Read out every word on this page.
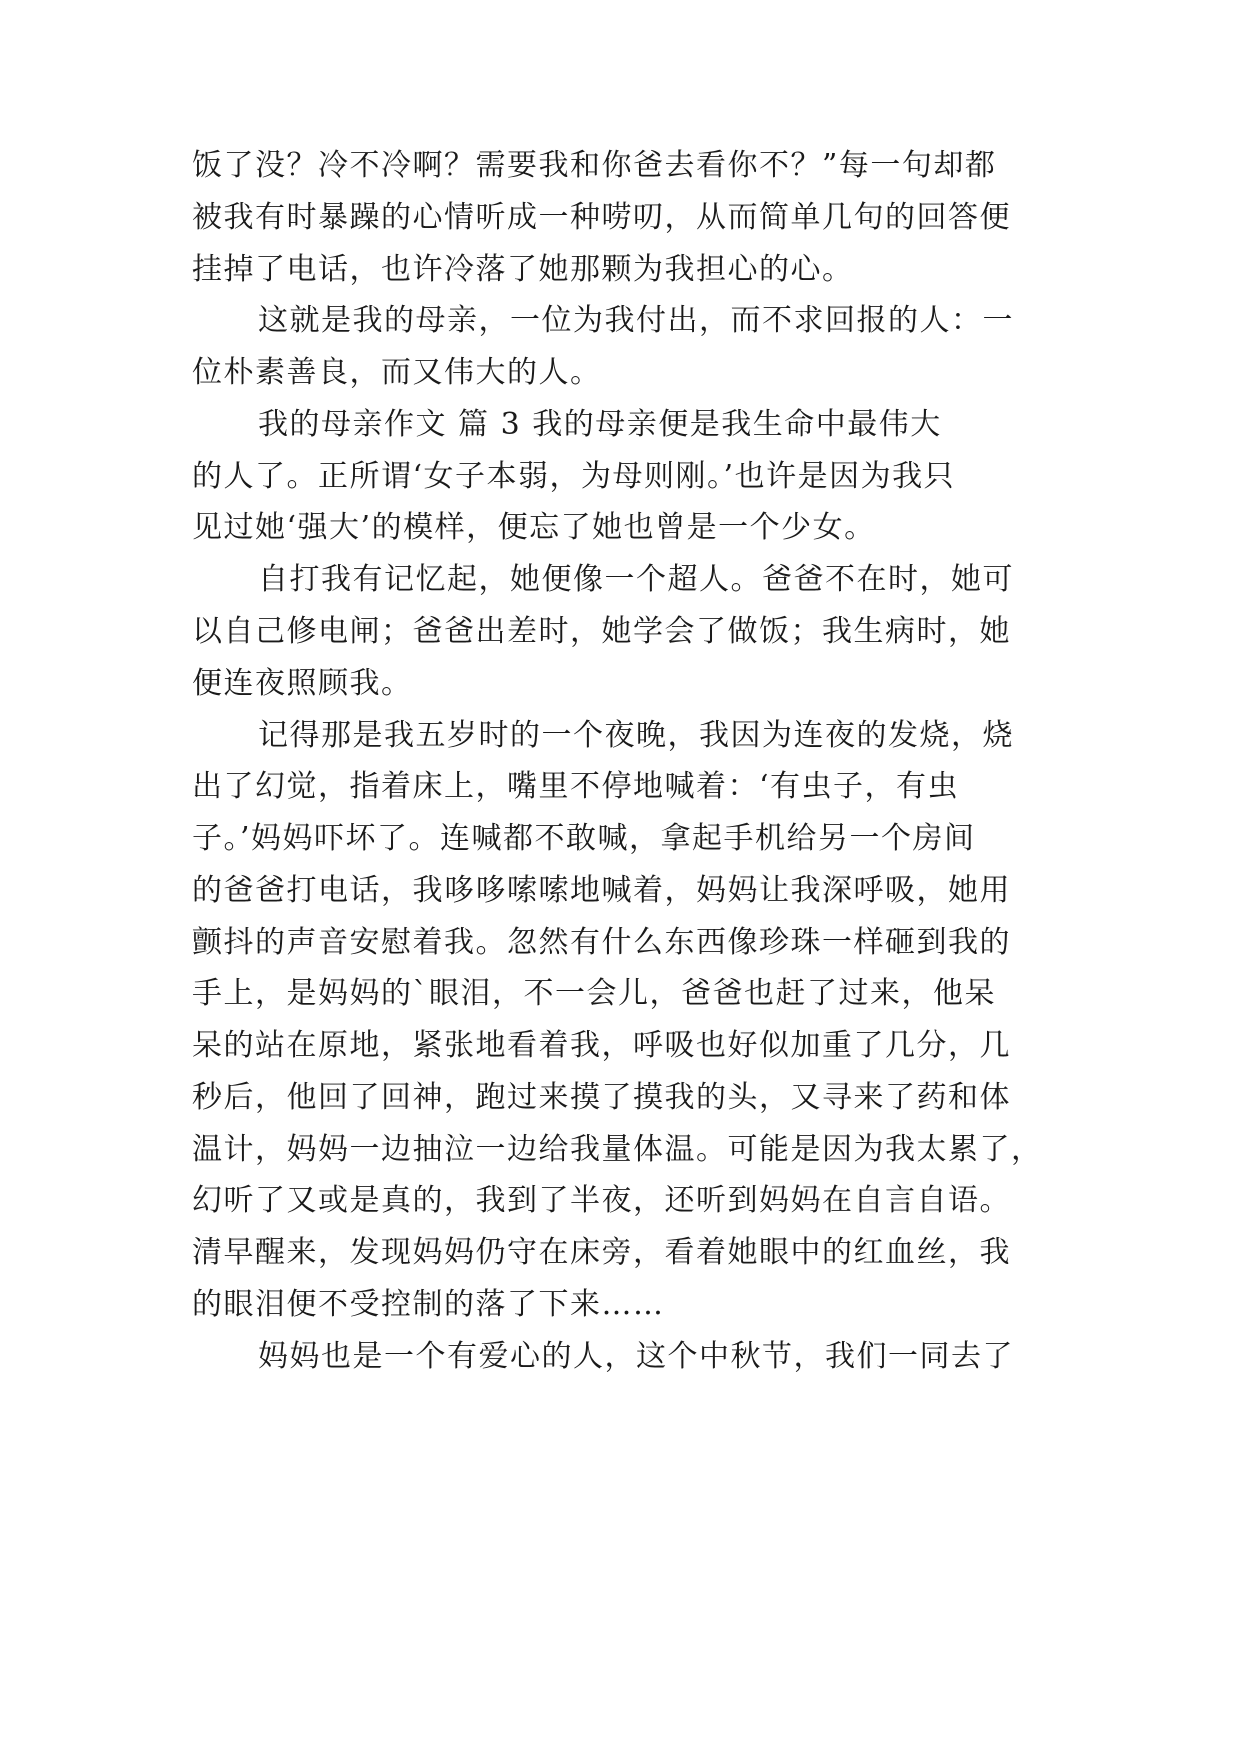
饭了没？冷不冷啊？需要我和你爸去看你不？”每一句却都
被我有时暴躁的心情听成一种唠叨，从而简单几句的回答便
挂掉了电话，也许冷落了她那颗为我担心的心。
这就是我的母亲，一位为我付出，而不求回报的人：一
位朴素善良，而又伟大的人。
我的母亲作文 篇 3 我的母亲便是我生命中最伟大
的人了。正所谓‘女子本弱，为母则刚。’也许是因为我只
见过她‘强大’的模样，便忘了她也曾是一个少女。
自打我有记忆起，她便像一个超人。爸爸不在时，她可
以自己修电闸；爸爸出差时，她学会了做饭；我生病时，她
便连夜照顾我。
记得那是我五岁时的一个夜晚，我因为连夜的发烧，烧
出了幻觉，指着床上，嘴里不停地喊着：‘有虫子，有虫
子。’妈妈吓坏了。连喊都不敢喊，拿起手机给另一个房间
的爸爸打电话，我哆哆嗦嗦地喊着，妈妈让我深呼吸，她用
颤抖的声音安慰着我。忽然有什么东西像珍珠一样砸到我的
手上，是妈妈的`眼泪，不一会儿，爸爸也赶了过来，他呆
呆的站在原地，紧张地看着我，呼吸也好似加重了几分，几
秒后，他回了回神，跑过来摸了摸我的头，又寻来了药和体
温计，妈妈一边抽泣一边给我量体温。可能是因为我太累了，
幻听了又或是真的，我到了半夜，还听到妈妈在自言自语。
清早醒来，发现妈妈仍守在床旁，看着她眼中的红血丝，我
的眼泪便不受控制的落了下来……
妈妈也是一个有爱心的人，这个中秋节，我们一同去了
